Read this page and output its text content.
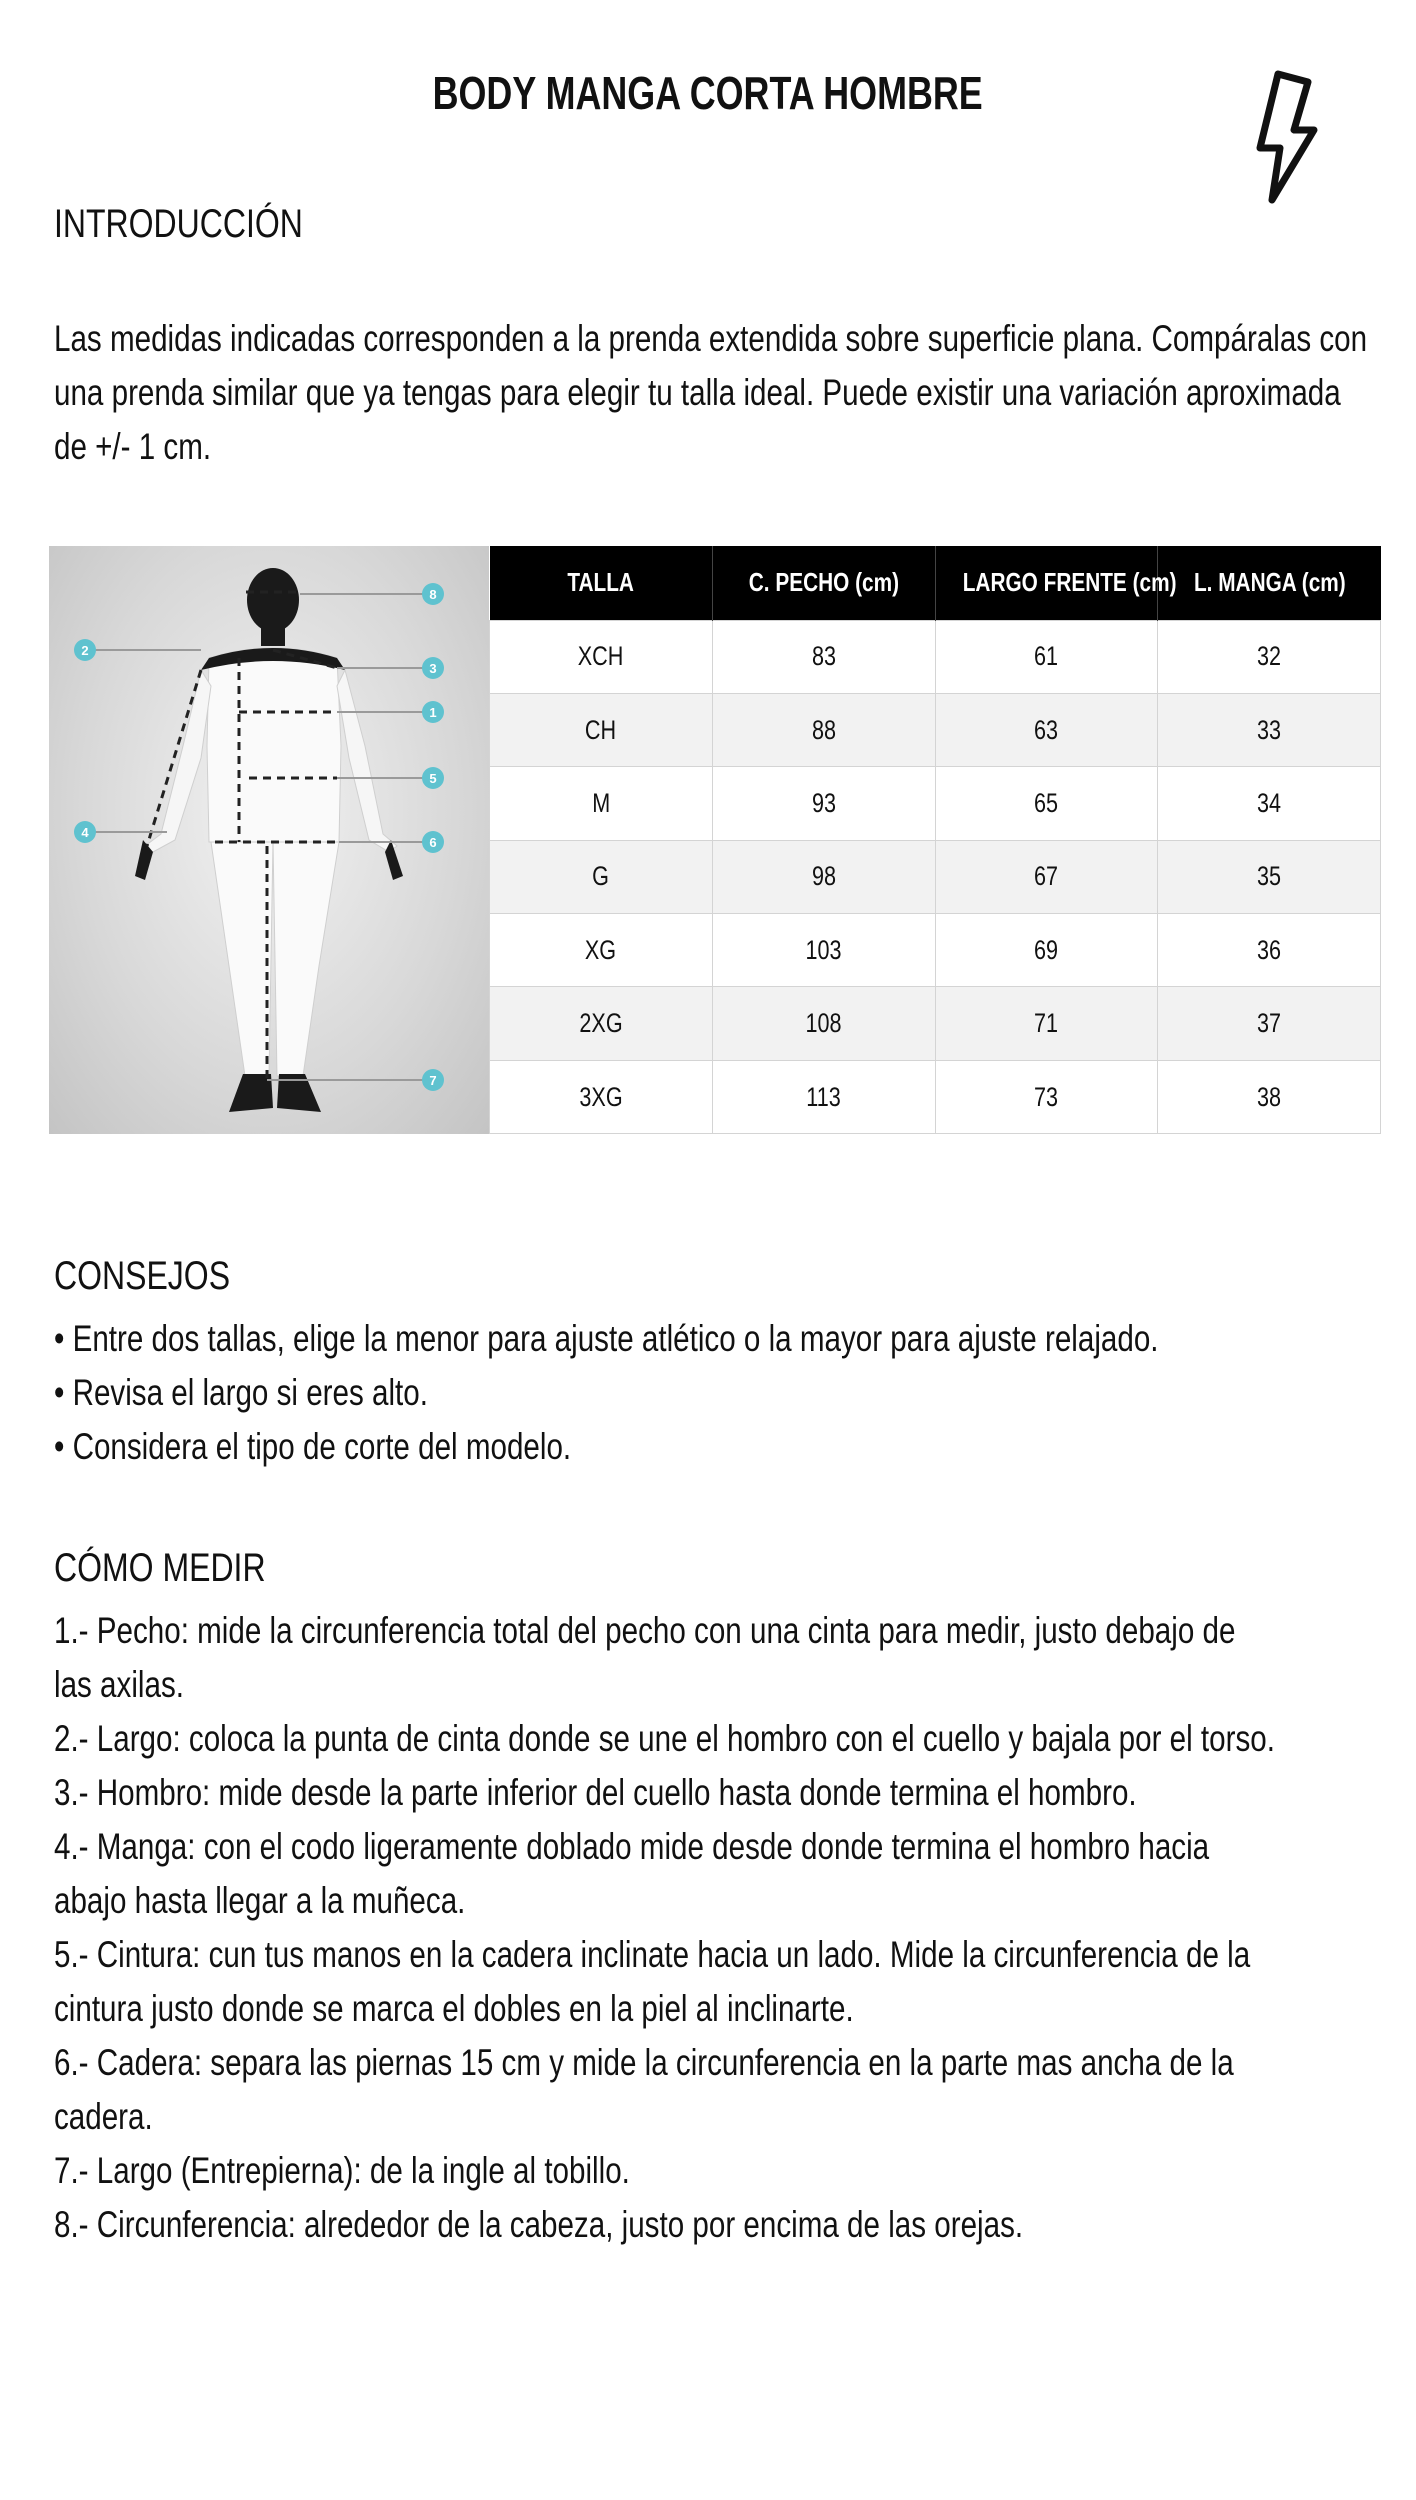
BODY MANGA CORTA HOMBRE
INTRODUCCIÓN
Las medidas indicadas corresponden a la prenda extendida sobre superficie plana. Compáralas con
una prenda similar que ya tengas para elegir tu talla ideal. Puede existir una variación aproximada
de +/- 1 cm.
8
3
1
5
6
7
2
4
TALLA	C. PECHO (cm)	LARGO FRENTE (cm)	L. MANGA (cm)
XCH	83	61	32
CH	88	63	33
M	93	65	34
G	98	67	35
XG	103	69	36
2XG	108	71	37
3XG	113	73	38
CONSEJOS
• Entre dos tallas, elige la menor para ajuste atlético o la mayor para ajuste relajado.
• Revisa el largo si eres alto.
• Considera el tipo de corte del modelo.
CÓMO MEDIR
1.- Pecho: mide la circunferencia total del pecho con una cinta para medir, justo debajo de
las axilas.
2.- Largo: coloca la punta de cinta donde se une el hombro con el cuello y bajala por el torso.
3.- Hombro: mide desde la parte inferior del cuello hasta donde termina el hombro.
4.- Manga: con el codo ligeramente doblado mide desde donde termina el hombro hacia
abajo hasta llegar a la muñeca.
5.- Cintura: cun tus manos en la cadera inclinate hacia un lado. Mide la circunferencia de la
cintura justo donde se marca el dobles en la piel al inclinarte.
6.- Cadera: separa las piernas 15 cm y mide la circunferencia en la parte mas ancha de la
cadera.
7.- Largo (Entrepierna): de la ingle al tobillo.
8.- Circunferencia: alrededor de la cabeza, justo por encima de las orejas.
